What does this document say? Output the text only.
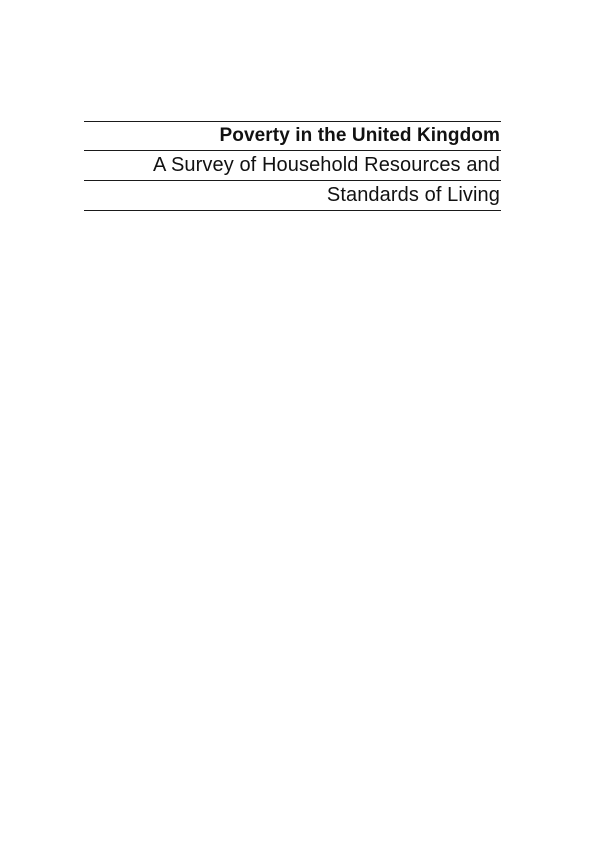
Poverty in the United Kingdom
A Survey of Household Resources and
Standards of Living
